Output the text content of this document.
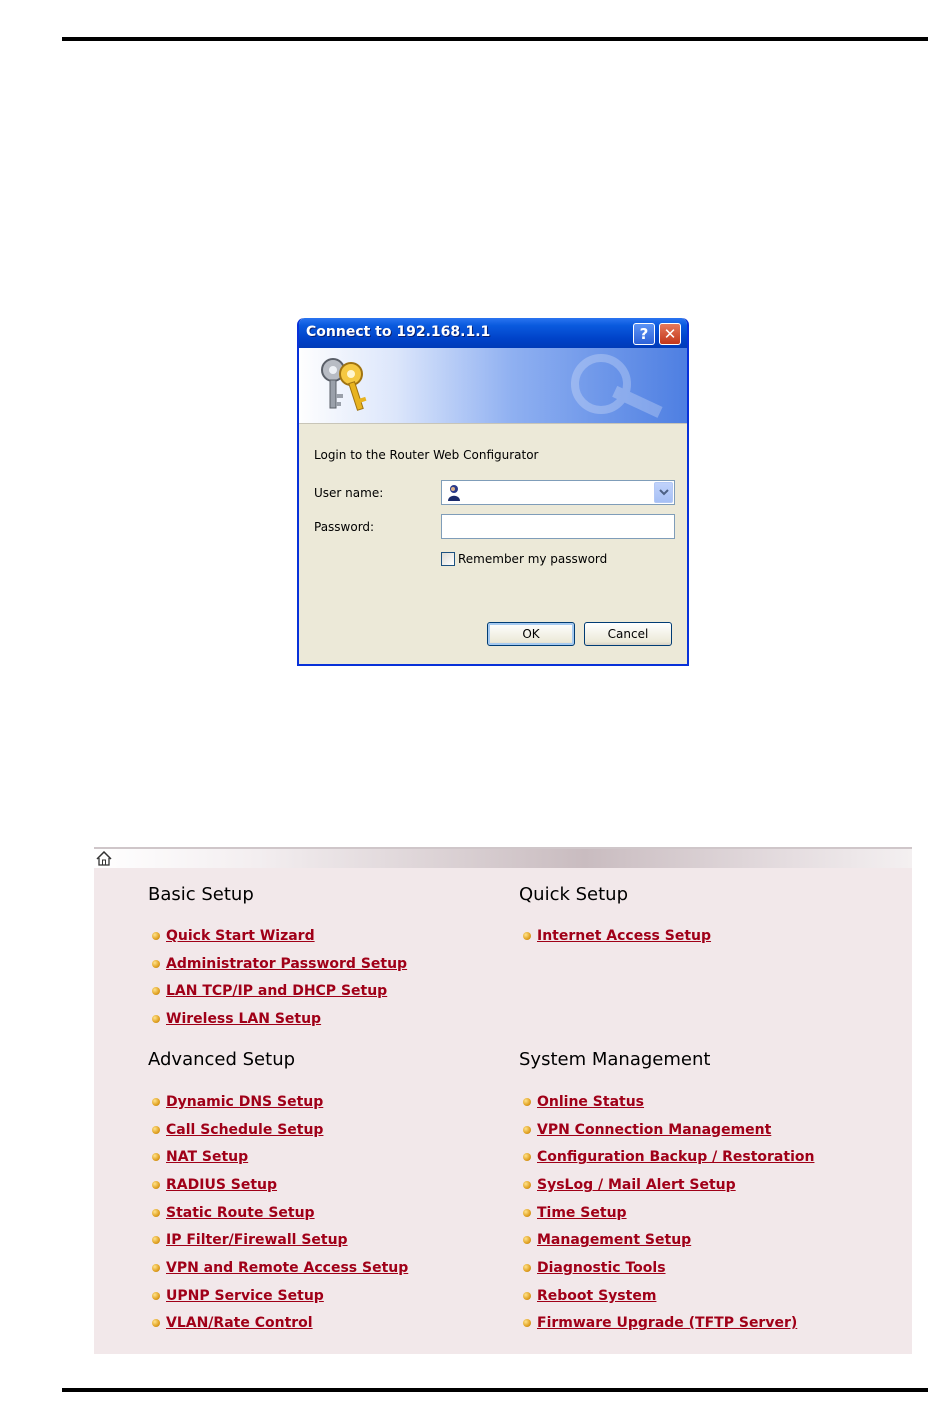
Connect to 192.168.1.1	? ✕
Login to the Router Web Configurator
User name:
Password:
Remember my password
OK	Cancel
Basic Setup
Quick Start Wizard
Administrator Password Setup
LAN TCP/IP and DHCP Setup
Wireless LAN Setup
Quick Setup
Internet Access Setup
Advanced Setup
Dynamic DNS Setup
Call Schedule Setup
NAT Setup
RADIUS Setup
Static Route Setup
IP Filter/Firewall Setup
VPN and Remote Access Setup
UPNP Service Setup
VLAN/Rate Control
System Management
Online Status
VPN Connection Management
Configuration Backup / Restoration
SysLog / Mail Alert Setup
Time Setup
Management Setup
Diagnostic Tools
Reboot System
Firmware Upgrade (TFTP Server)
